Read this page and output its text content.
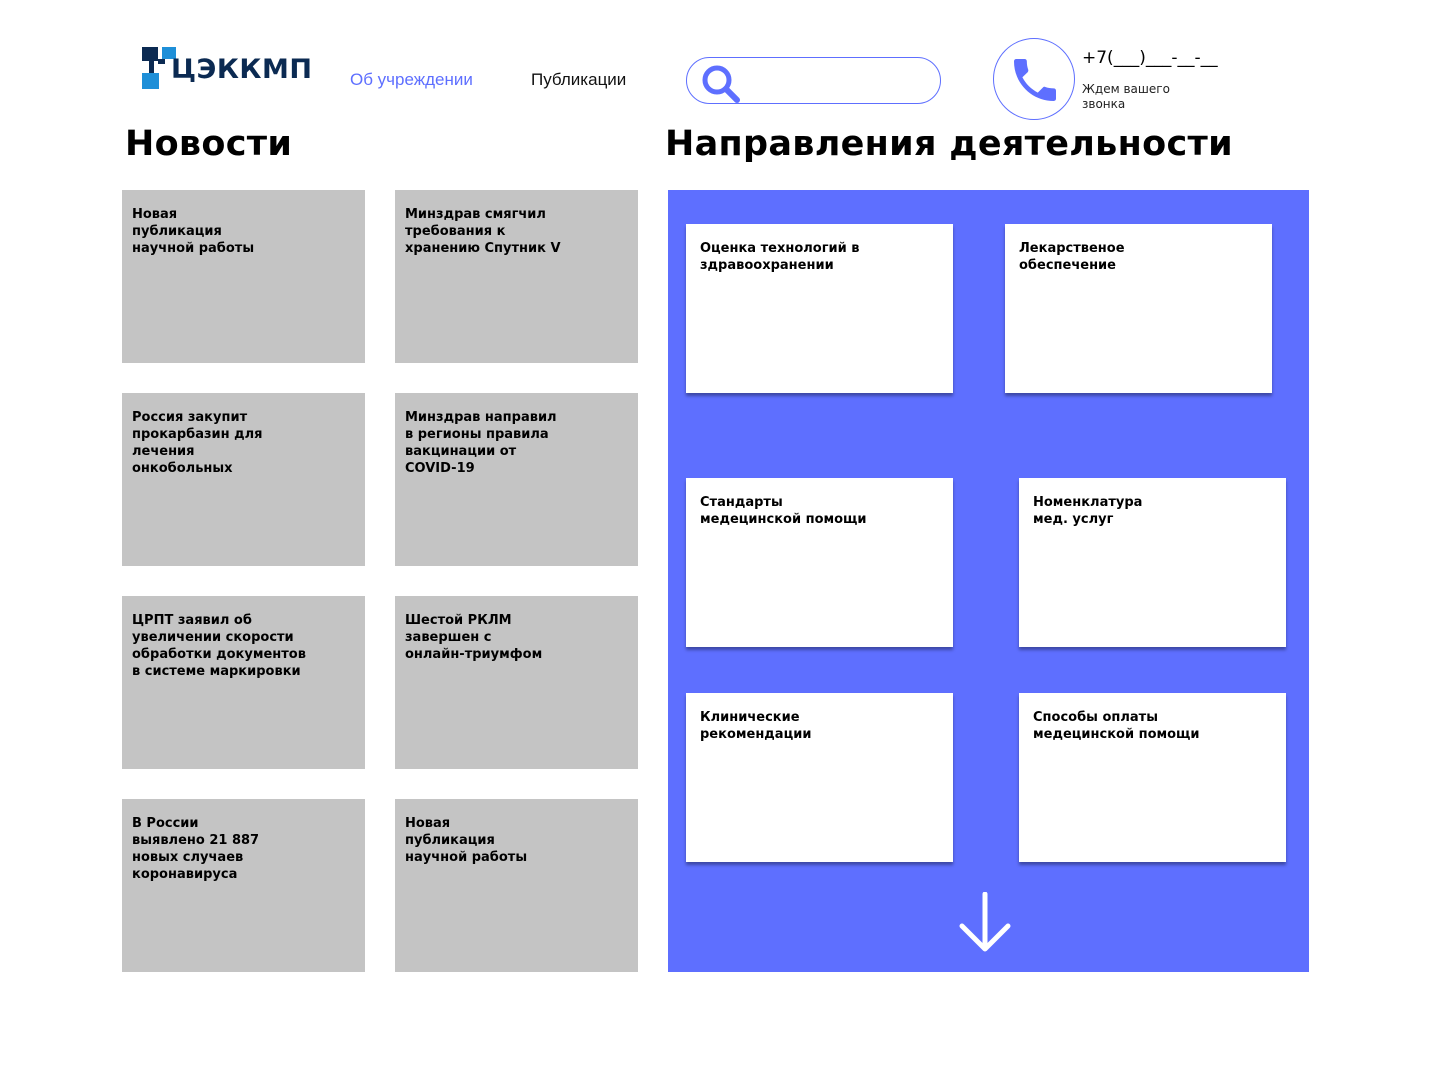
ЦЭККМП Об учреждении	Публикации
+7(___)___-__-__
Ждем вашего звонка
Новости	Направления деятельности
Новая
публикация
научной работы
Минздрав смягчил
требования к
хранению Спутник V
Россия закупит
прокарбазин для
лечения
онкобольных
Минздрав направил
в регионы правила
вакцинации от
COVID-19
ЦРПТ заявил об
увеличении скорости
обработки документов
в системе маркировки
Шестой РКЛМ
завершен с
онлайн-триумфом
В России
выявлено 21 887
новых случаев
коронавируса
Новая
публикация
научной работы
Оценка технологий в
здравоохранении
Лекарственое
обеспечение
Стандарты
медецинской помощи
Номенклатура
мед. услуг
Клинические
рекомендации
Способы оплаты
медецинской помощи
